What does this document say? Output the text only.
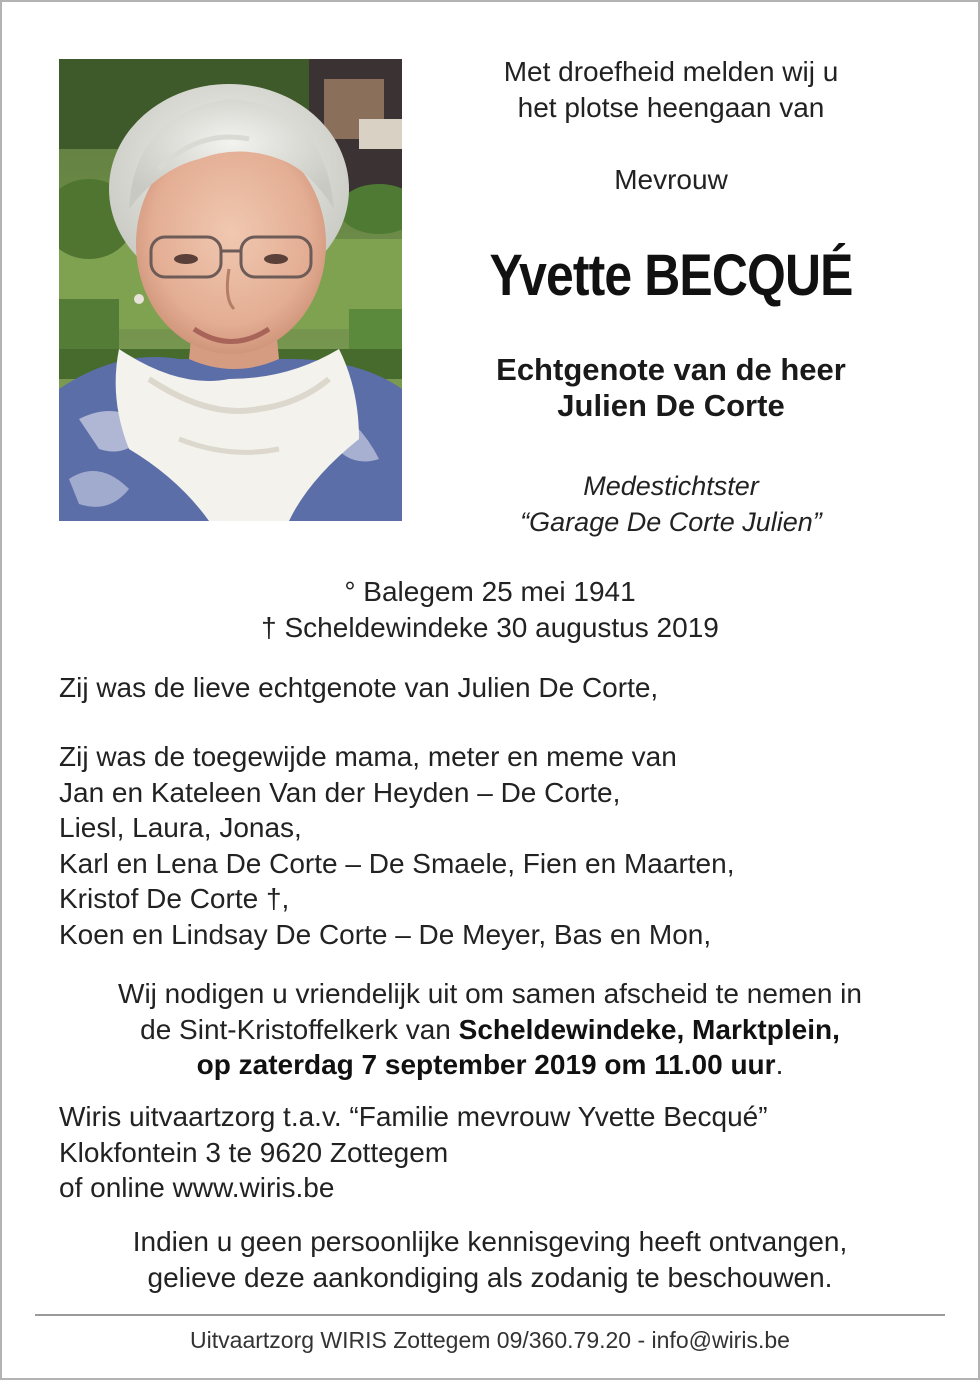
Met droefheid melden wij u
het plotse heengaan van
Mevrouw
Yvette BECQUÉ
Echtgenote van de heer
Julien De Corte
Medestichtster
“Garage De Corte Julien”
° Balegem 25 mei 1941
† Scheldewindeke 30 augustus 2019
Zij was de lieve echtgenote van Julien De Corte,
Zij was de toegewijde mama, meter en meme van
Jan en Kateleen Van der Heyden – De Corte,
Liesl, Laura, Jonas,
Karl en Lena De Corte – De Smaele, Fien en Maarten,
Kristof De Corte †,
Koen en Lindsay De Corte – De Meyer, Bas en Mon,
Wij nodigen u vriendelijk uit om samen afscheid te nemen in
de Sint-Kristoffelkerk van Scheldewindeke, Marktplein,
op zaterdag 7 september 2019 om 11.00 uur.
Wiris uitvaartzorg t.a.v. “Familie mevrouw Yvette Becqué”
Klokfontein 3 te 9620 Zottegem
of online www.wiris.be
Indien u geen persoonlijke kennisgeving heeft ontvangen,
gelieve deze aankondiging als zodanig te beschouwen.
Uitvaartzorg WIRIS Zottegem 09/360.79.20 - info@wiris.be
